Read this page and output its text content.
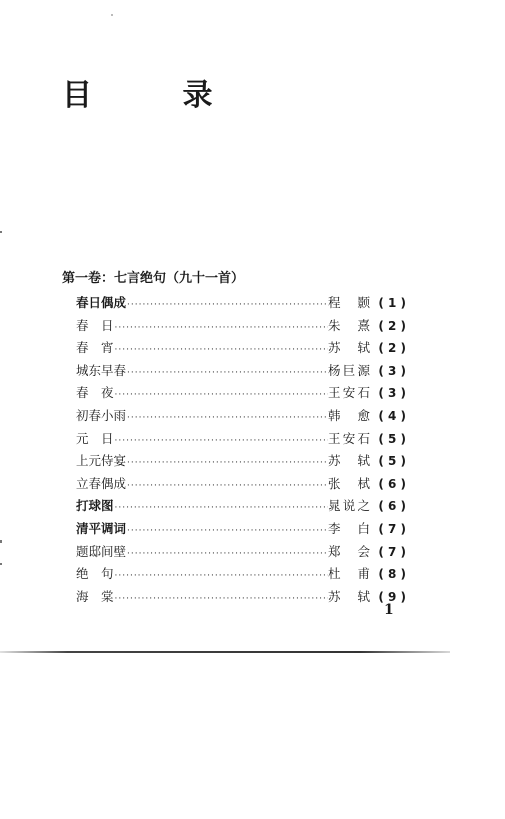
目 录
第一卷：七言绝句（九十一首）
春日偶成 ·····	程 颢 ( 1 )
春　日 ·····	朱 熹 ( 2 )
春　宵 ·····	苏 轼 ( 2 )
城东早春 ·····	杨巨源 ( 3 )
春　夜 ·····	王安石 ( 3 )
初春小雨 ·····	韩 愈 ( 4 )
元　日 ·····	王安石 ( 5 )
上元侍宴 ·····	苏 轼 ( 5 )
立春偶成 ·····	张 栻 ( 6 )
打球图 ·····	晁说之 ( 6 )
清平调词 ·····	李 白 ( 7 )
题邸间壁 ·····	郑 会 ( 7 )
绝　句 ·····	杜 甫 ( 8 )
海　棠 ·····	苏 轼 ( 9 )
1
